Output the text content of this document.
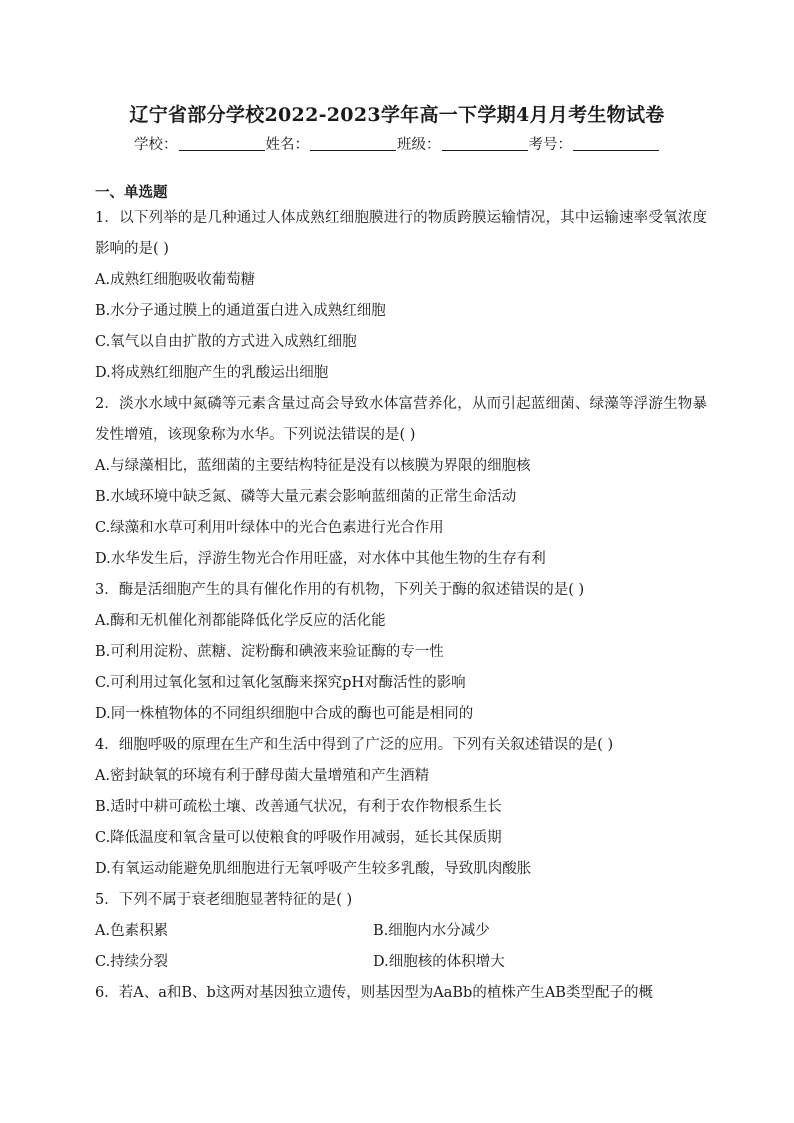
辽宁省部分学校2022-2023学年高一下学期4月月考生物试卷
学校：	姓名：	班级：	考号：
一、单选题
1．以下列举的是几种通过人体成熟红细胞膜进行的物质跨膜运输情况，其中运输速率受氧浓度影响的是( )
A.成熟红细胞吸收葡萄糖
B.水分子通过膜上的通道蛋白进入成熟红细胞
C.氧气以自由扩散的方式进入成熟红细胞
D.将成熟红细胞产生的乳酸运出细胞
2．淡水水域中氮磷等元素含量过高会导致水体富营养化，从而引起蓝细菌、绿藻等浮游生物暴发性增殖，该现象称为水华。下列说法错误的是( )
A.与绿藻相比，蓝细菌的主要结构特征是没有以核膜为界限的细胞核
B.水域环境中缺乏氮、磷等大量元素会影响蓝细菌的正常生命活动
C.绿藻和水草可利用叶绿体中的光合色素进行光合作用
D.水华发生后，浮游生物光合作用旺盛，对水体中其他生物的生存有利
3．酶是活细胞产生的具有催化作用的有机物，下列关于酶的叙述错误的是( )
A.酶和无机催化剂都能降低化学反应的活化能
B.可利用淀粉、蔗糖、淀粉酶和碘液来验证酶的专一性
C.可利用过氧化氢和过氧化氢酶来探究pH对酶活性的影响
D.同一株植物体的不同组织细胞中合成的酶也可能是相同的
4．细胞呼吸的原理在生产和生活中得到了广泛的应用。下列有关叙述错误的是( )
A.密封缺氧的环境有利于酵母菌大量增殖和产生酒精
B.适时中耕可疏松土壤、改善通气状况，有利于农作物根系生长
C.降低温度和氧含量可以使粮食的呼吸作用减弱，延长其保质期
D.有氧运动能避免肌细胞进行无氧呼吸产生较多乳酸，导致肌肉酸胀
5．下列不属于衰老细胞显著特征的是( )
A.色素积累	B.细胞内水分减少
C.持续分裂	D.细胞核的体积增大
6．若A、a和B、b这两对基因独立遗传，则基因型为AaBb的植株产生AB类型配子的概
